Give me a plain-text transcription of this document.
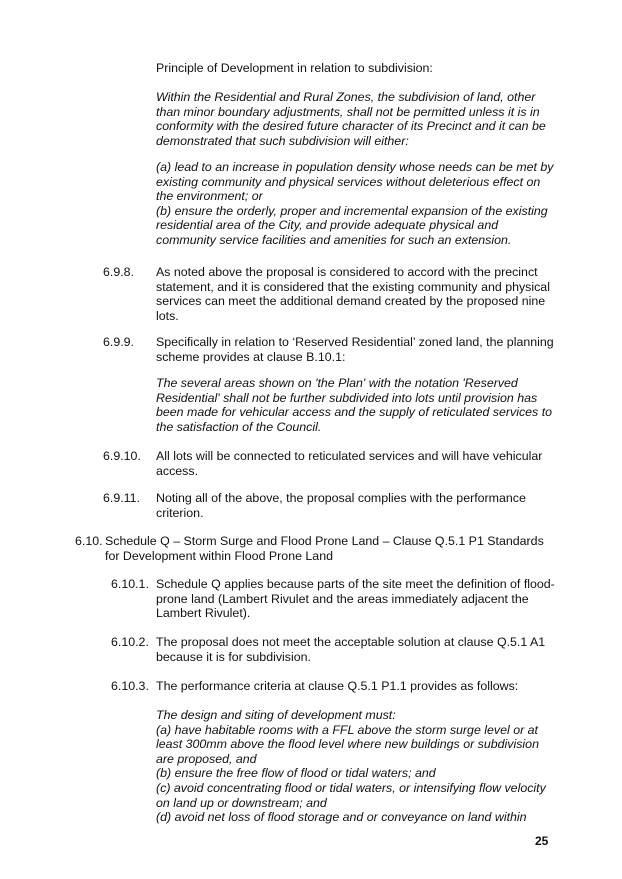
Principle of Development in relation to subdivision:

Within the Residential and Rural Zones, the subdivision of land, other than minor boundary adjustments, shall not be permitted unless it is in conformity with the desired future character of its Precinct and it can be demonstrated that such subdivision will either:

(a) lead to an increase in population density whose needs can be met by existing community and physical services without deleterious effect on the environment; or
(b) ensure the orderly, proper and incremental expansion of the existing residential area of the City, and provide adequate physical and community service facilities and amenities for such an extension.

6.9.8. As noted above the proposal is considered to accord with the precinct statement, and it is considered that the existing community and physical services can meet the additional demand created by the proposed nine lots.

6.9.9. Specifically in relation to ‘Reserved Residential’ zoned land, the planning scheme provides at clause B.10.1:

The several areas shown on 'the Plan' with the notation 'Reserved Residential' shall not be further subdivided into lots until provision has been made for vehicular access and the supply of reticulated services to the satisfaction of the Council.

6.9.10. All lots will be connected to reticulated services and will have vehicular access.

6.9.11. Noting all of the above, the proposal complies with the performance criterion.

6.10. Schedule Q – Storm Surge and Flood Prone Land – Clause Q.5.1 P1 Standards for Development within Flood Prone Land

6.10.1. Schedule Q applies because parts of the site meet the definition of flood-prone land (Lambert Rivulet and the areas immediately adjacent the Lambert Rivulet).

6.10.2. The proposal does not meet the acceptable solution at clause Q.5.1 A1 because it is for subdivision.

6.10.3. The performance criteria at clause Q.5.1 P1.1 provides as follows:

The design and siting of development must:
(a) have habitable rooms with a FFL above the storm surge level or at least 300mm above the flood level where new buildings or subdivision are proposed, and
(b) ensure the free flow of flood or tidal waters; and
(c) avoid concentrating flood or tidal waters, or intensifying flow velocity on land up or downstream; and
(d) avoid net loss of flood storage and or conveyance on land within

25
